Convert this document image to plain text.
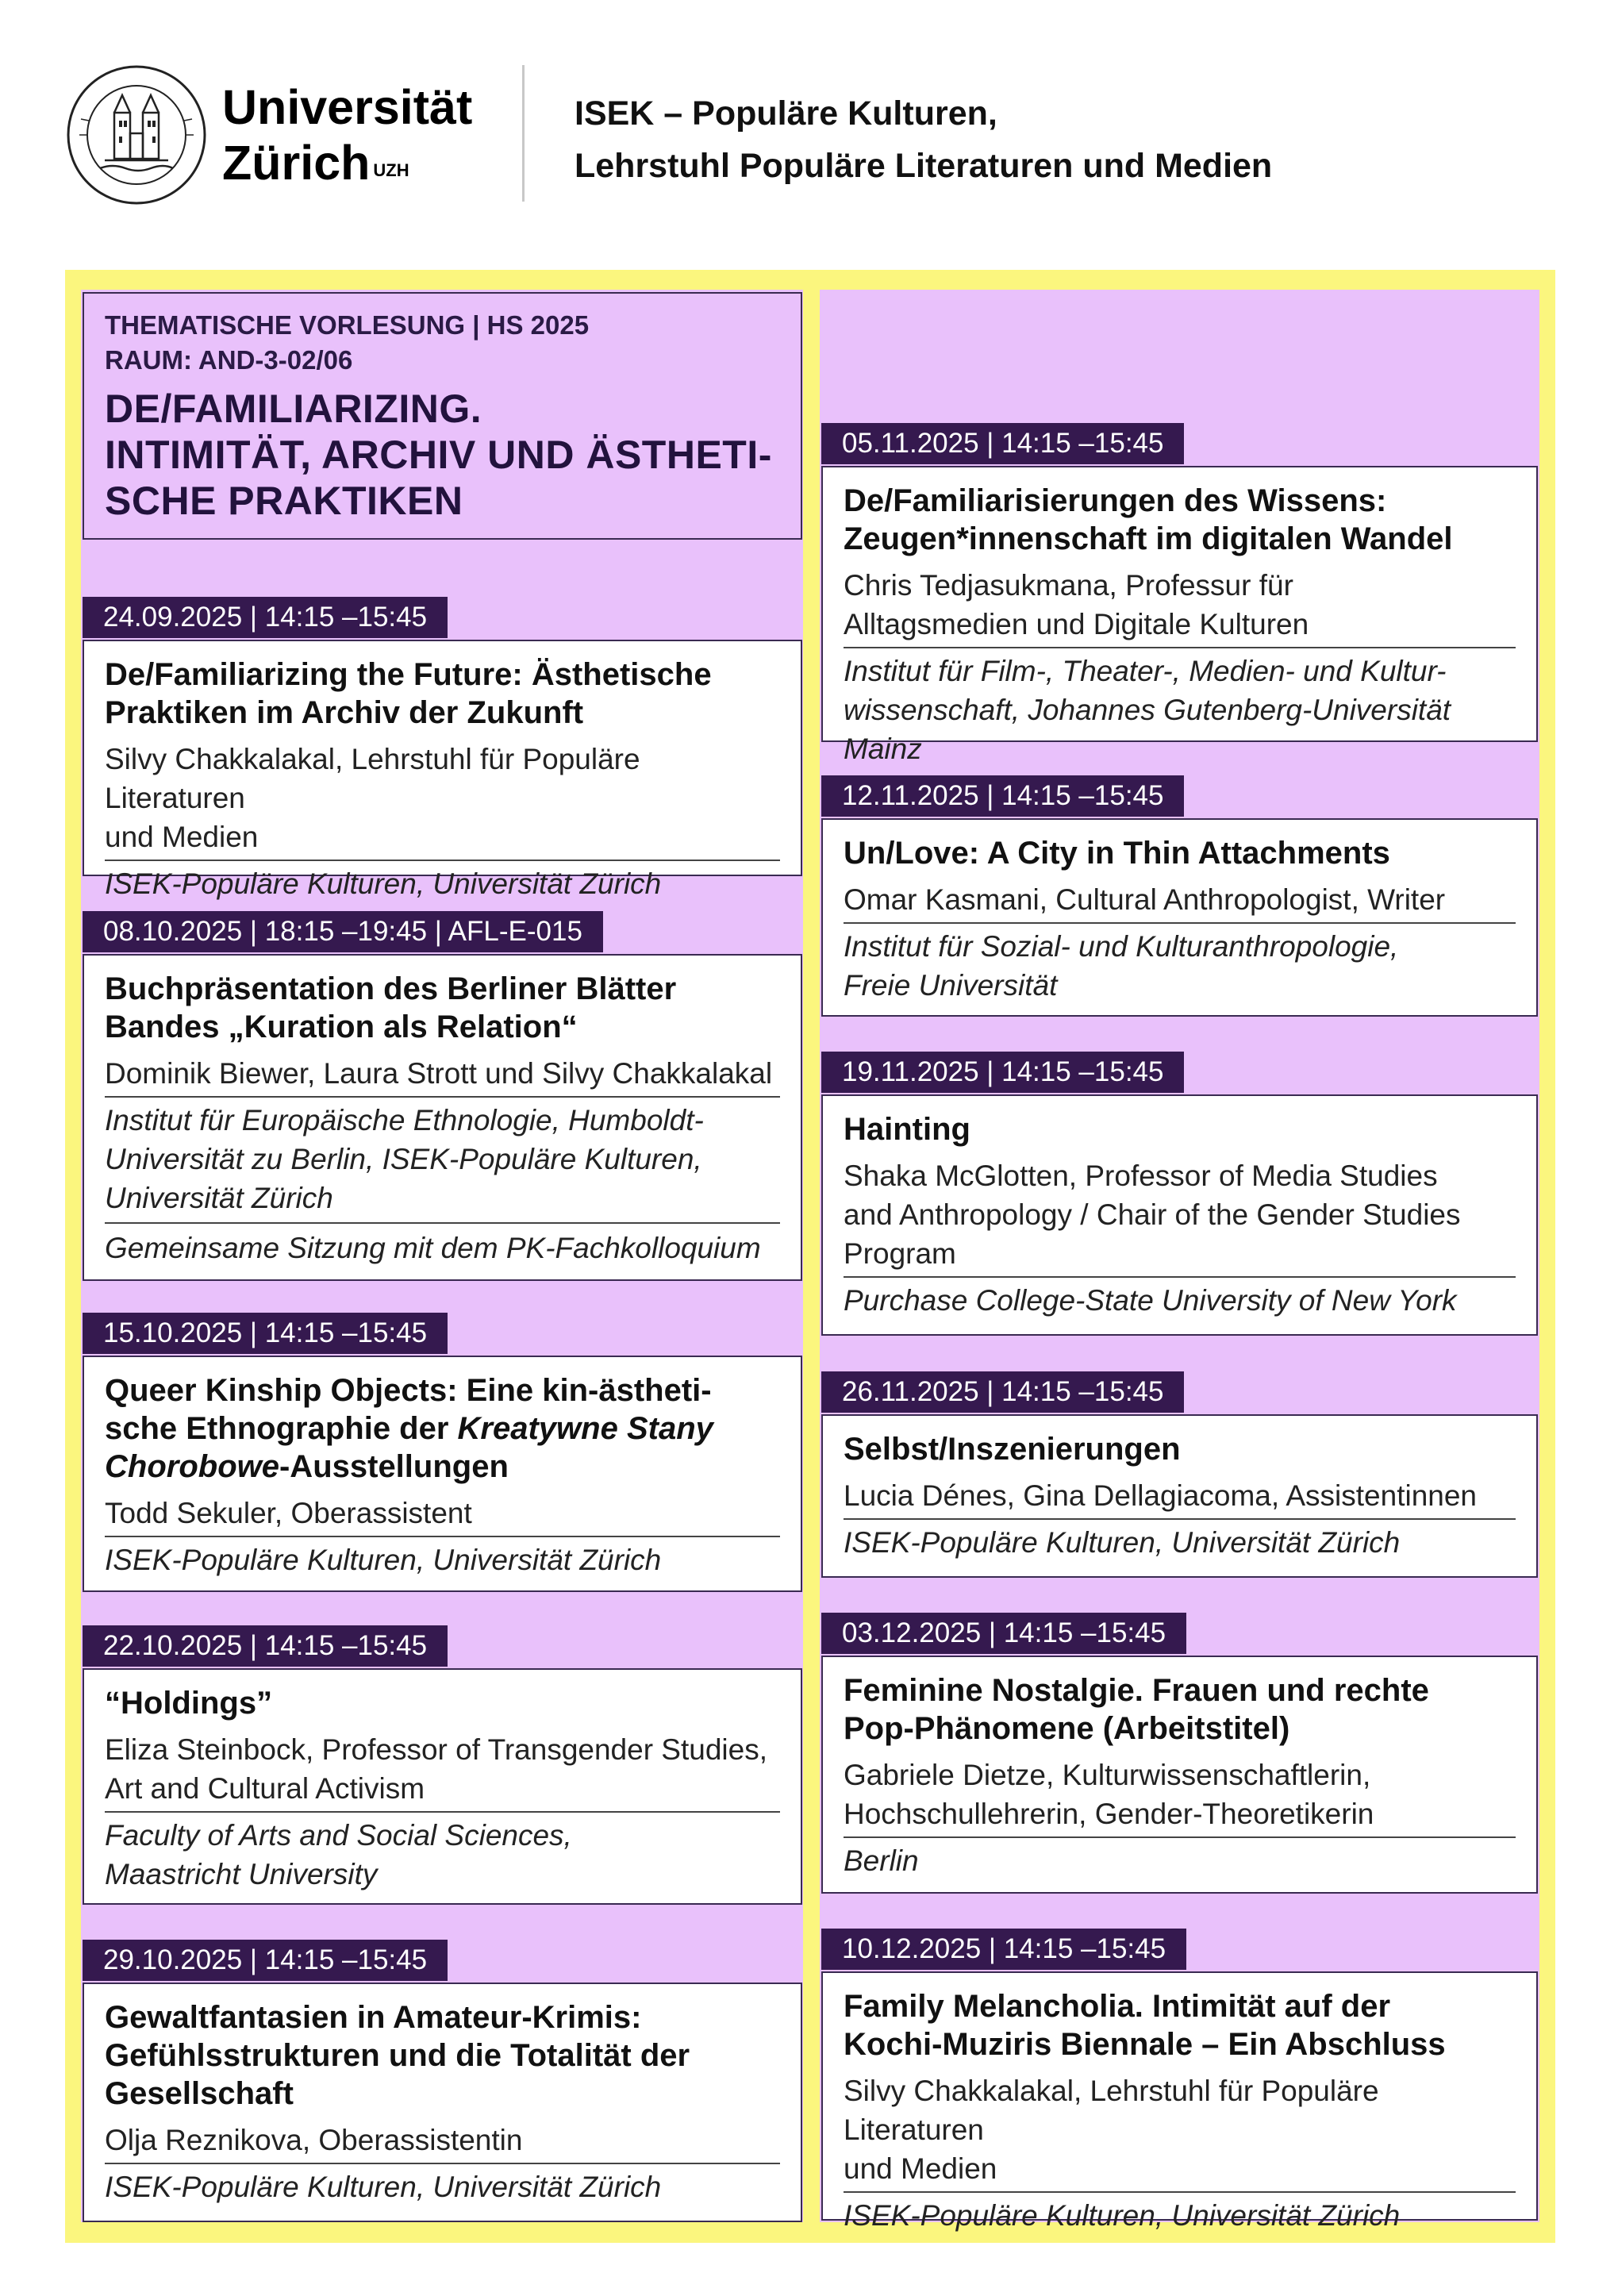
Universität
Zürich $^{UZH}$
ISEK – Populäre Kulturen,
Lehrstuhl Populäre Literaturen und Medien
THEMATISCHE VORLESUNG | HS 2025
RAUM: AND-3-02/06
DE/FAMILIARIZING.
INTIMITÄT, ARCHIV UND ÄSTHETI-
SCHE PRAKTIKEN
24.09.2025 | 14:15 –15:45
De/Familiarizing the Future: Ästhetische
Praktiken im Archiv der Zukunft
Silvy Chakkalakal, Lehrstuhl für Populäre Literaturen
und Medien
ISEK-Populäre Kulturen, Universität Zürich
08.10.2025 | 18:15 –19:45 | AFL-E-015
Buchpräsentation des Berliner Blätter
Bandes „Kuration als Relation“
Dominik Biewer, Laura Strott und Silvy Chakkalakal
Institut für Europäische Ethnologie, Humboldt-
Universität zu Berlin, ISEK-Populäre Kulturen,
Universität Zürich
Gemeinsame Sitzung mit dem PK-Fachkolloquium
15.10.2025 | 14:15 –15:45
Queer Kinship Objects: Eine kin-ästheti-
sche Ethnographie der Kreatywne Stany
Chorobowe-Ausstellungen
Todd Sekuler, Oberassistent
ISEK-Populäre Kulturen, Universität Zürich
22.10.2025 | 14:15 –15:45
“Holdings”
Eliza Steinbock, Professor of Transgender Studies,
Art and Cultural Activism
Faculty of Arts and Social Sciences,
Maastricht University
29.10.2025 | 14:15 –15:45
Gewaltfantasien in Amateur-Krimis:
Gefühlsstrukturen und die Totalität der
Gesellschaft
Olja Reznikova, Oberassistentin
ISEK-Populäre Kulturen, Universität Zürich
05.11.2025 | 14:15 –15:45
De/Familiarisierungen des Wissens:
Zeugen*innenschaft im digitalen Wandel
Chris Tedjasukmana, Professur für
Alltagsmedien und Digitale Kulturen
Institut für Film-, Theater-, Medien- und Kultur-
wissenschaft, Johannes Gutenberg-Universität Mainz
12.11.2025 | 14:15 –15:45
Un/Love: A City in Thin Attachments
Omar Kasmani, Cultural Anthropologist, Writer
Institut für Sozial- und Kulturanthropologie,
Freie Universität
19.11.2025 | 14:15 –15:45
Hainting
Shaka McGlotten, Professor of Media Studies
and Anthropology / Chair of the Gender Studies
Program
Purchase College-State University of New York
26.11.2025 | 14:15 –15:45
Selbst/Inszenierungen
Lucia Dénes, Gina Dellagiacoma, Assistentinnen
ISEK-Populäre Kulturen, Universität Zürich
03.12.2025 | 14:15 –15:45
Feminine Nostalgie. Frauen und rechte
Pop-Phänomene (Arbeitstitel)
Gabriele Dietze, Kulturwissenschaftlerin,
Hochschullehrerin, Gender-Theoretikerin
Berlin
10.12.2025 | 14:15 –15:45
Family Melancholia. Intimität auf der
Kochi-Muziris Biennale – Ein Abschluss
Silvy Chakkalakal, Lehrstuhl für Populäre Literaturen
und Medien
ISEK-Populäre Kulturen, Universität Zürich
